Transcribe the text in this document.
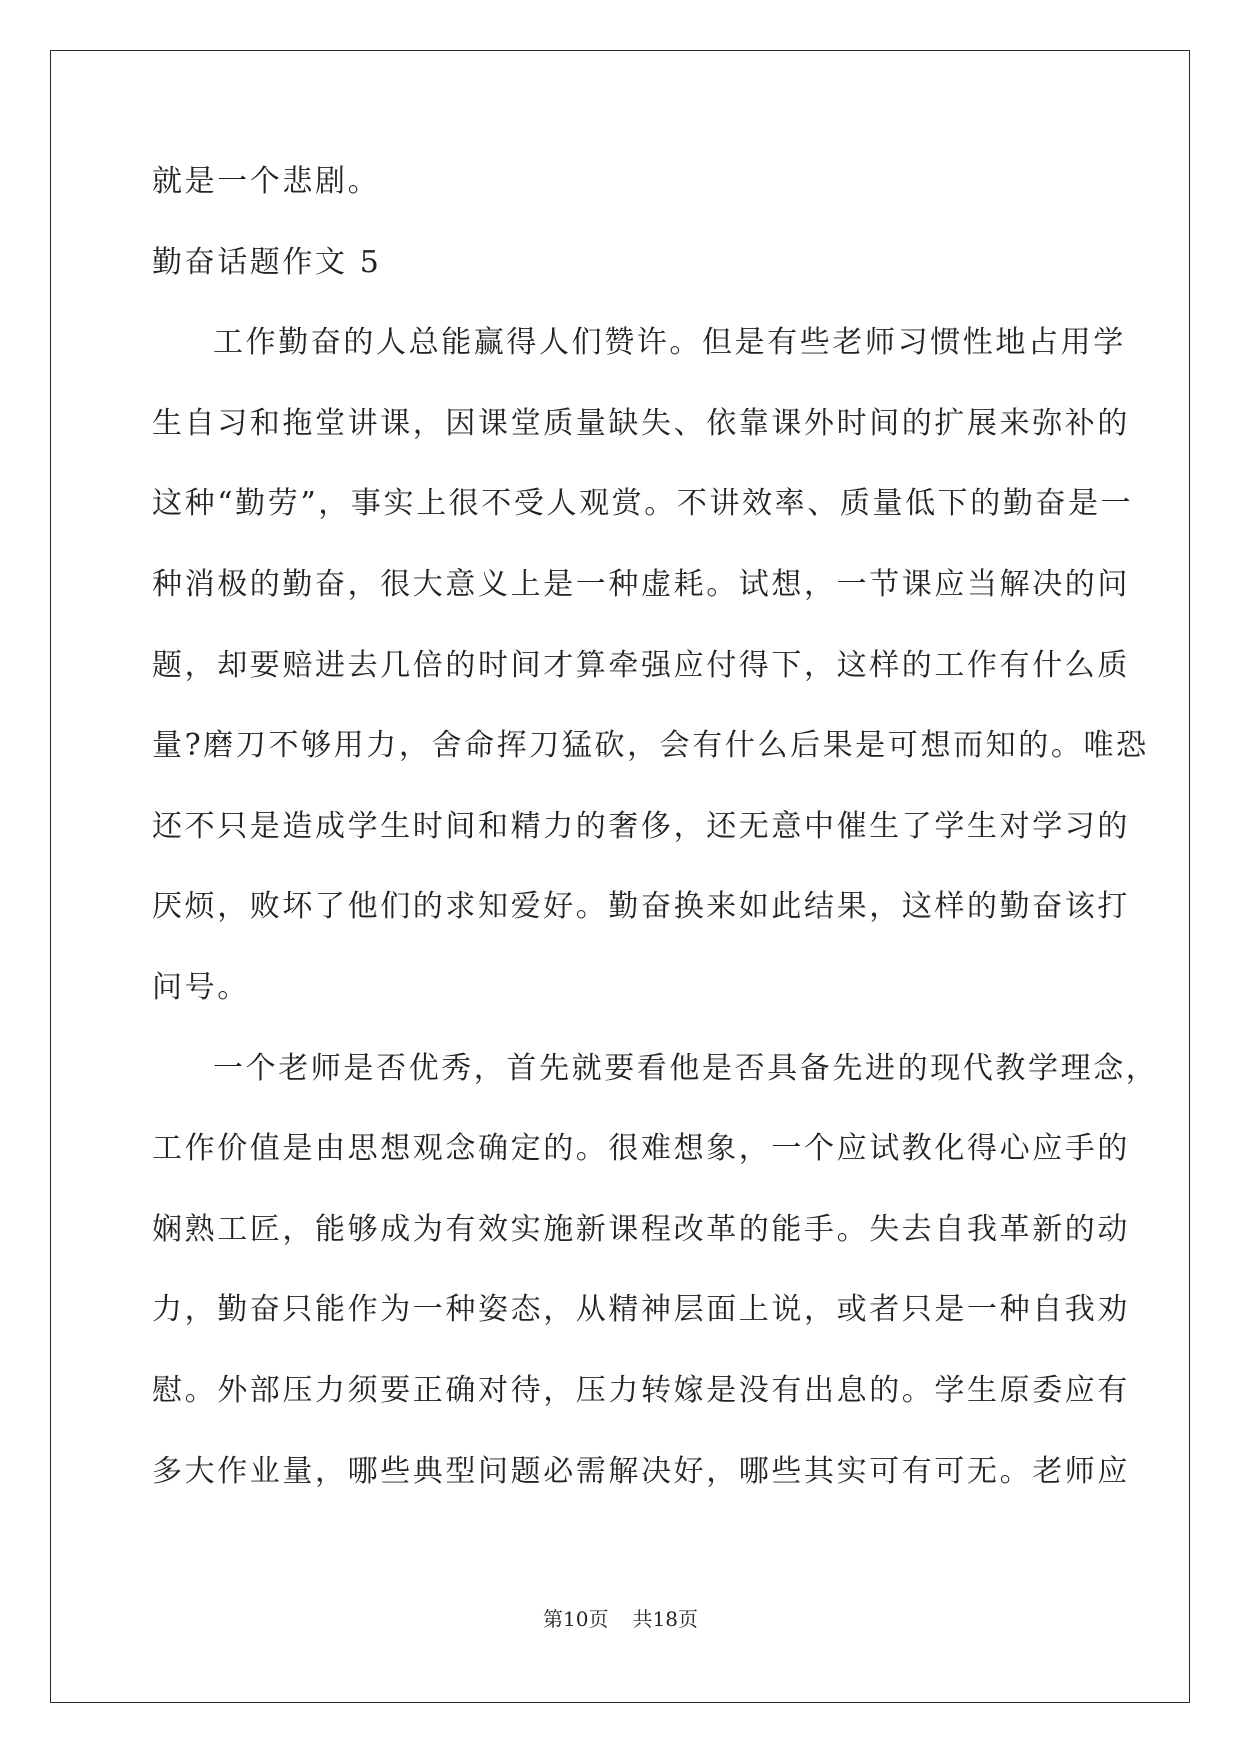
就是一个悲剧。
勤奋话题作文 5
工作勤奋的人总能赢得人们赞许。但是有些老师习惯性地占用学
生自习和拖堂讲课，因课堂质量缺失、依靠课外时间的扩展来弥补的
这种“勤劳”，事实上很不受人观赏。不讲效率、质量低下的勤奋是一
种消极的勤奋，很大意义上是一种虚耗。试想，一节课应当解决的问
题，却要赔进去几倍的时间才算牵强应付得下，这样的工作有什么质
量?磨刀不够用力，舍命挥刀猛砍，会有什么后果是可想而知的。唯恐
还不只是造成学生时间和精力的奢侈，还无意中催生了学生对学习的
厌烦，败坏了他们的求知爱好。勤奋换来如此结果，这样的勤奋该打
问号。
一个老师是否优秀，首先就要看他是否具备先进的现代教学理念，
工作价值是由思想观念确定的。很难想象，一个应试教化得心应手的
娴熟工匠，能够成为有效实施新课程改革的能手。失去自我革新的动
力，勤奋只能作为一种姿态，从精神层面上说，或者只是一种自我劝
慰。外部压力须要正确对待，压力转嫁是没有出息的。学生原委应有
多大作业量，哪些典型问题必需解决好，哪些其实可有可无。老师应
第10页 共18页
